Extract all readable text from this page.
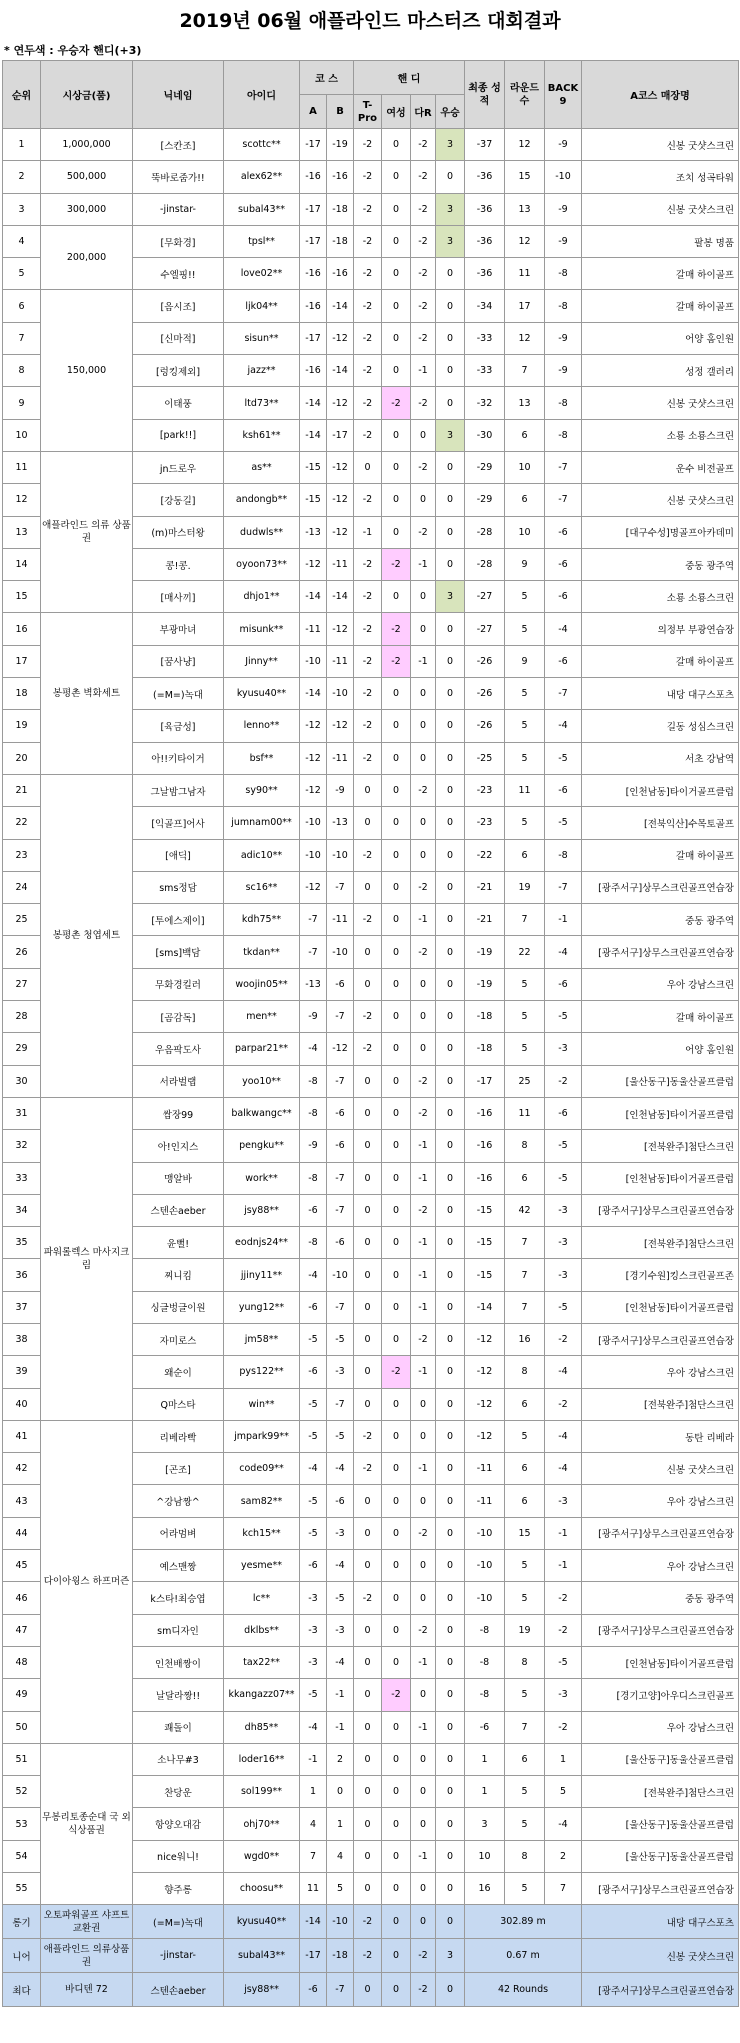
2019년 06월 애플라인드 마스터즈 대회결과
* 연두색 : 우승자 핸디(+3)
순위	시상금(품)	닉네임	아이디	코 스		핸 디				최종 성적	라운드 수	BACK 9	A코스 매장명
				A	B	T-Pro	여성	다R	우승				
1	1,000,000	[스칸조]	scottc**	-17	-19	-2	0	-2	3	-37	12	-9	신봉 굿샷스크린
2	500,000	뚝바로줌가!!	alex62**	-16	-16	-2	0	-2	0	-36	15	-10	조치 성곡타워
3	300,000	-jinstar-	subal43**	-17	-18	-2	0	-2	3	-36	13	-9	신봉 굿샷스크린
4	200,000	[무화경]	tpsl**	-17	-18	-2	0	-2	3	-36	12	-9	팔봉 명품
5		수엘핑!!	love02**	-16	-16	-2	0	-2	0	-36	11	-8	갈매 하이골프
6	150,000	[음시조]	ljk04**	-16	-14	-2	0	-2	0	-34	17	-8	갈매 하이골프
7		[신마적]	sisun**	-17	-12	-2	0	-2	0	-33	12	-9	어양 홈인원
8		[렁킹제외]	jazz**	-16	-14	-2	0	-1	0	-33	7	-9	성정 갤러리
9		이태풍	ltd73**	-14	-12	-2	-2	-2	0	-32	13	-8	신봉 굿샷스크린
10		[park!!]	ksh61**	-14	-17	-2	0	0	3	-30	6	-8	소룡 소룡스크린
11	애플라인드 의류 상품권	jn드로우	as**	-15	-12	0	0	-2	0	-29	10	-7	운수 비전골프
12		[강동길]	andongb**	-15	-12	-2	0	0	0	-29	6	-7	신봉 굿샷스크린
13		(m)마스터왕	dudwls**	-13	-12	-1	0	-2	0	-28	10	-6	[대구수성]명골프아카데미
14		콩!콩.	oyoon73**	-12	-11	-2	-2	-1	0	-28	9	-6	중동 광주역
15		[매사끼]	dhjo1**	-14	-14	-2	0	0	3	-27	5	-6	소룡 소룡스크린
16	봉평촌 벽화세트	부광마녀	misunk**	-11	-12	-2	-2	0	0	-27	5	-4	의정부 부광연습장
17		[꿈사냥]	Jinny**	-10	-11	-2	-2	-1	0	-26	9	-6	갈매 하이골프
18		(=M=)녹대	kyusu40**	-14	-10	-2	0	0	0	-26	5	-7	내당 대구스포츠
19		[육금성]	lenno**	-12	-12	-2	0	0	0	-26	5	-4	길동 성심스크린
20		아!!키타이거	bsf**	-12	-11	-2	0	0	0	-25	5	-5	서초 강남역
21	봉평촌 청엽세트	그날밤그남자	sy90**	-12	-9	0	0	-2	0	-23	11	-6	[인천남동]타이거골프클럽
22		[익골프]어사	jumnam00**	-10	-13	0	0	0	0	-23	5	-5	[전북익산]수목토골프
23		[애딕]	adic10**	-10	-10	-2	0	0	0	-22	6	-8	갈매 하이골프
24		sms정담	sc16**	-12	-7	0	0	-2	0	-21	19	-7	[광주서구]상무스크린골프연습장
25		[투에스제이]	kdh75**	-7	-11	-2	0	-1	0	-21	7	-1	중동 광주역
26		[sms]백담	tkdan**	-7	-10	0	0	-2	0	-19	22	-4	[광주서구]상무스크린골프연습장
27		무화경킬러	woojin05**	-13	-6	0	0	0	0	-19	5	-6	우아 강남스크린
28		[곰감독]	men**	-9	-7	-2	0	0	0	-18	5	-5	갈매 하이골프
29		우음팍도사	parpar21**	-4	-12	-2	0	0	0	-18	5	-3	어양 홈인원
30		서라벌랩	yoo10**	-8	-7	0	0	-2	0	-17	25	-2	[울산동구]동울산골프클럽
31	파워롤렉스 마사지크림	쌈장99	balkwangc**	-8	-6	0	0	-2	0	-16	11	-6	[인천남동]타이거골프클럽
32		아!인지스	pengku**	-9	-6	0	0	-1	0	-16	8	-5	[전북완주]첨단스크린
33		맹알바	work**	-8	-7	0	0	-1	0	-16	6	-5	[인천남동]타이거골프클럽
34		스텐손aeber	jsy88**	-6	-7	0	0	-2	0	-15	42	-3	[광주서구]상무스크린골프연습장
35		윤뻘!	eodnjs24**	-8	-6	0	0	-1	0	-15	7	-3	[전북완주]첨단스크린
36		찌니킴	jjiny11**	-4	-10	0	0	-1	0	-15	7	-3	[경기수원]킹스크린골프존
37		싱글벙글이원	yung12**	-6	-7	0	0	-1	0	-14	7	-5	[인천남동]타이거골프클럽
38		자미로스	jm58**	-5	-5	0	0	-2	0	-12	16	-2	[광주서구]상무스크린골프연습장
39		왜순이	pys122**	-6	-3	0	-2	-1	0	-12	8	-4	우아 강남스크린
40		Q마스타	win**	-5	-7	0	0	0	0	-12	6	-2	[전북완주]첨단스크린
41	다이아윙스 하프머즌	리베라빡	jmpark99**	-5	-5	-2	0	0	0	-12	5	-4	동탄 리베라
42		[곤조]	code09**	-4	-4	-2	0	-1	0	-11	6	-4	신봉 굿샷스크린
43		^강남짱^	sam82**	-5	-6	0	0	0	0	-11	6	-3	우아 강남스크린
44		어라멈벼	kch15**	-5	-3	0	0	-2	0	-10	15	-1	[광주서구]상무스크린골프연습장
45		예스맨짱	yesme**	-6	-4	0	0	0	0	-10	5	-1	우아 강남스크린
46		k스타!최승엽	lc**	-3	-5	-2	0	0	0	-10	5	-2	중동 광주역
47		sm디자인	dklbs**	-3	-3	0	0	-2	0	-8	19	-2	[광주서구]상무스크린골프연습장
48		인천배짱이	tax22**	-3	-4	0	0	-1	0	-8	8	-5	[인천남동]타이거골프클럽
49		날달라짱!!	kkangazz07**	-5	-1	0	-2	0	0	-8	5	-3	[경기고양]아우디스크린골프
50		쾌돌이	dh85**	-4	-1	0	0	-1	0	-6	7	-2	우아 강남스크린
51	무봉리토종순대 국 외식상품권	소나무#3	loder16**	-1	2	0	0	0	0	1	6	1	[울산동구]동울산골프클럽
52		찬당운	sol199**	1	0	0	0	0	0	1	5	5	[전북완주]첨단스크린
53		항양오대감	ohj70**	4	1	0	0	0	0	3	5	-4	[울산동구]동울산골프클럽
54		nice워니!	wgd0**	7	4	0	0	-1	0	10	8	2	[울산동구]동울산골프클럽
55		향주롱	choosu**	11	5	0	0	0	0	16	5	7	[광주서구]상무스크린골프연습장
롱기	오토파워골프 샤프트 교환권	(=M=)녹대	kyusu40**	-14	-10	-2	0	0	0	302.89 m			내당 대구스포츠
니어	애플라인드 의류상품권	-jinstar-	subal43**	-17	-18	-2	0	-2	3	0.67 m			신봉 굿샷스크린
최다	바디텐 72	스텐손aeber	jsy88**	-6	-7	0	0	-2	0	42 Rounds			[광주서구]상무스크린골프연습장
